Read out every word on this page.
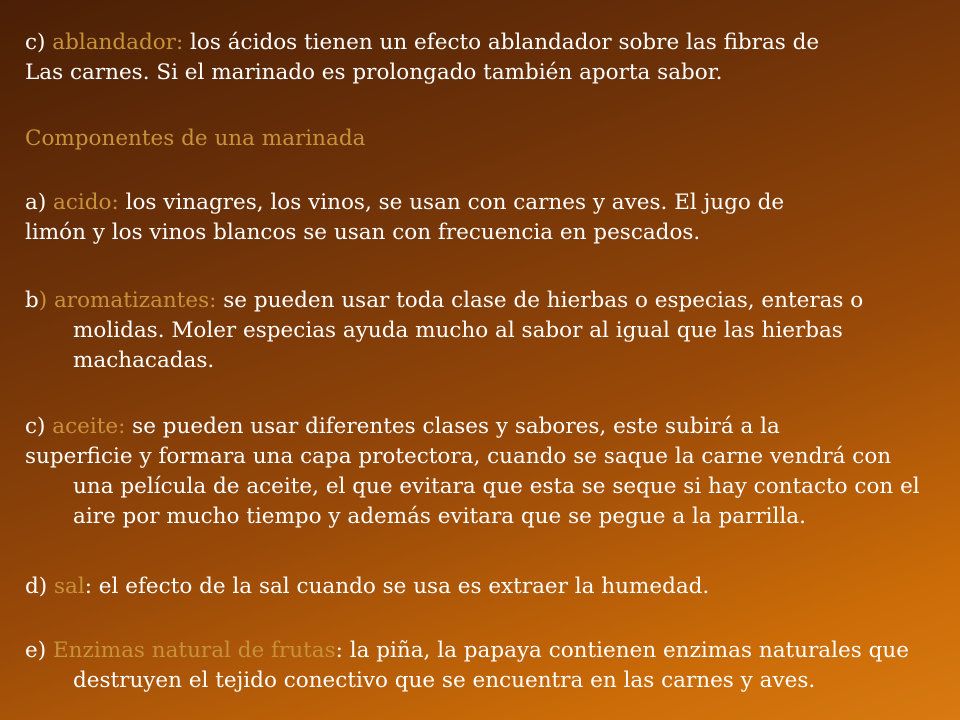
c) ablandador: los ácidos tienen un efecto ablandador sobre las fibras de
Las carnes. Si el marinado es prolongado también aporta sabor.

Componentes de una marinada

a) acido: los vinagres, los vinos, se usan con carnes y aves. El jugo de
limón y los vinos blancos se usan con frecuencia en pescados.

b) aromatizantes: se pueden usar toda clase de hierbas o especias, enteras o
molidas. Moler especias ayuda mucho al sabor al igual que las hierbas
machacadas.

c) aceite: se pueden usar diferentes clases y sabores, este subirá a la
superficie y formara una capa protectora, cuando se saque la carne vendrá con
una película de aceite, el que evitara que esta se seque si hay contacto con el
aire por mucho tiempo y además evitara que se pegue a la parrilla.

d) sal: el efecto de la sal cuando se usa es extraer la humedad.

e) Enzimas natural de frutas: la piña, la papaya contienen enzimas naturales que
destruyen el tejido conectivo que se encuentra en las carnes y aves.
